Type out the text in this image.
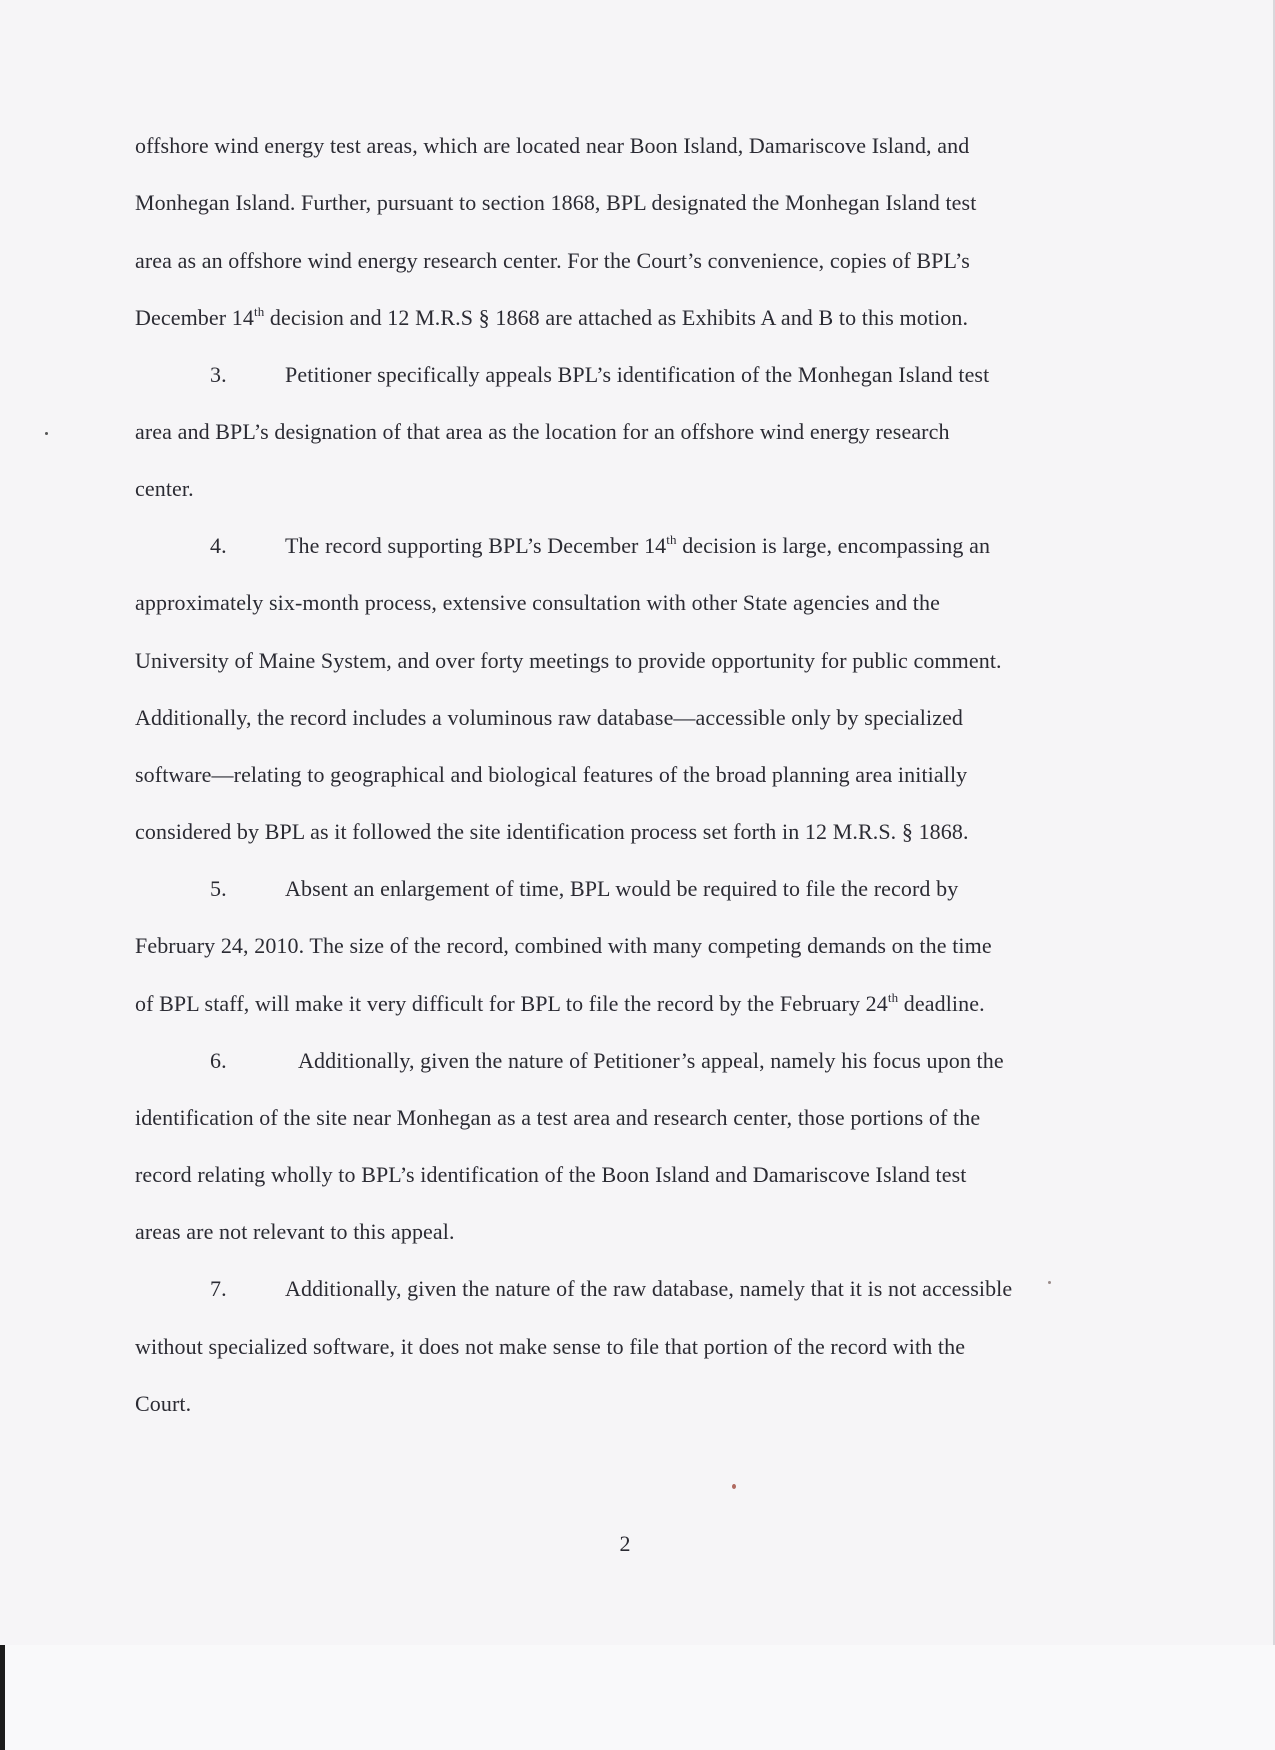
offshore wind energy test areas, which are located near Boon Island, Damariscove Island, and
Monhegan Island. Further, pursuant to section 1868, BPL designated the Monhegan Island test
area as an offshore wind energy research center. For the Court’s convenience, copies of BPL’s
December 14th decision and 12 M.R.S § 1868 are attached as Exhibits A and B to this motion.
3.	Petitioner specifically appeals BPL’s identification of the Monhegan Island test
area and BPL’s designation of that area as the location for an offshore wind energy research
center.
4.	The record supporting BPL’s December 14th decision is large, encompassing an
approximately six-month process, extensive consultation with other State agencies and the
University of Maine System, and over forty meetings to provide opportunity for public comment.
Additionally, the record includes a voluminous raw database—accessible only by specialized
software—relating to geographical and biological features of the broad planning area initially
considered by BPL as it followed the site identification process set forth in 12 M.R.S. § 1868.
5.	Absent an enlargement of time, BPL would be required to file the record by
February 24, 2010. The size of the record, combined with many competing demands on the time
of BPL staff, will make it very difficult for BPL to file the record by the February 24th deadline.
6.	Additionally, given the nature of Petitioner’s appeal, namely his focus upon the
identification of the site near Monhegan as a test area and research center, those portions of the
record relating wholly to BPL’s identification of the Boon Island and Damariscove Island test
areas are not relevant to this appeal.
7.	Additionally, given the nature of the raw database, namely that it is not accessible
without specialized software, it does not make sense to file that portion of the record with the
Court.
2
